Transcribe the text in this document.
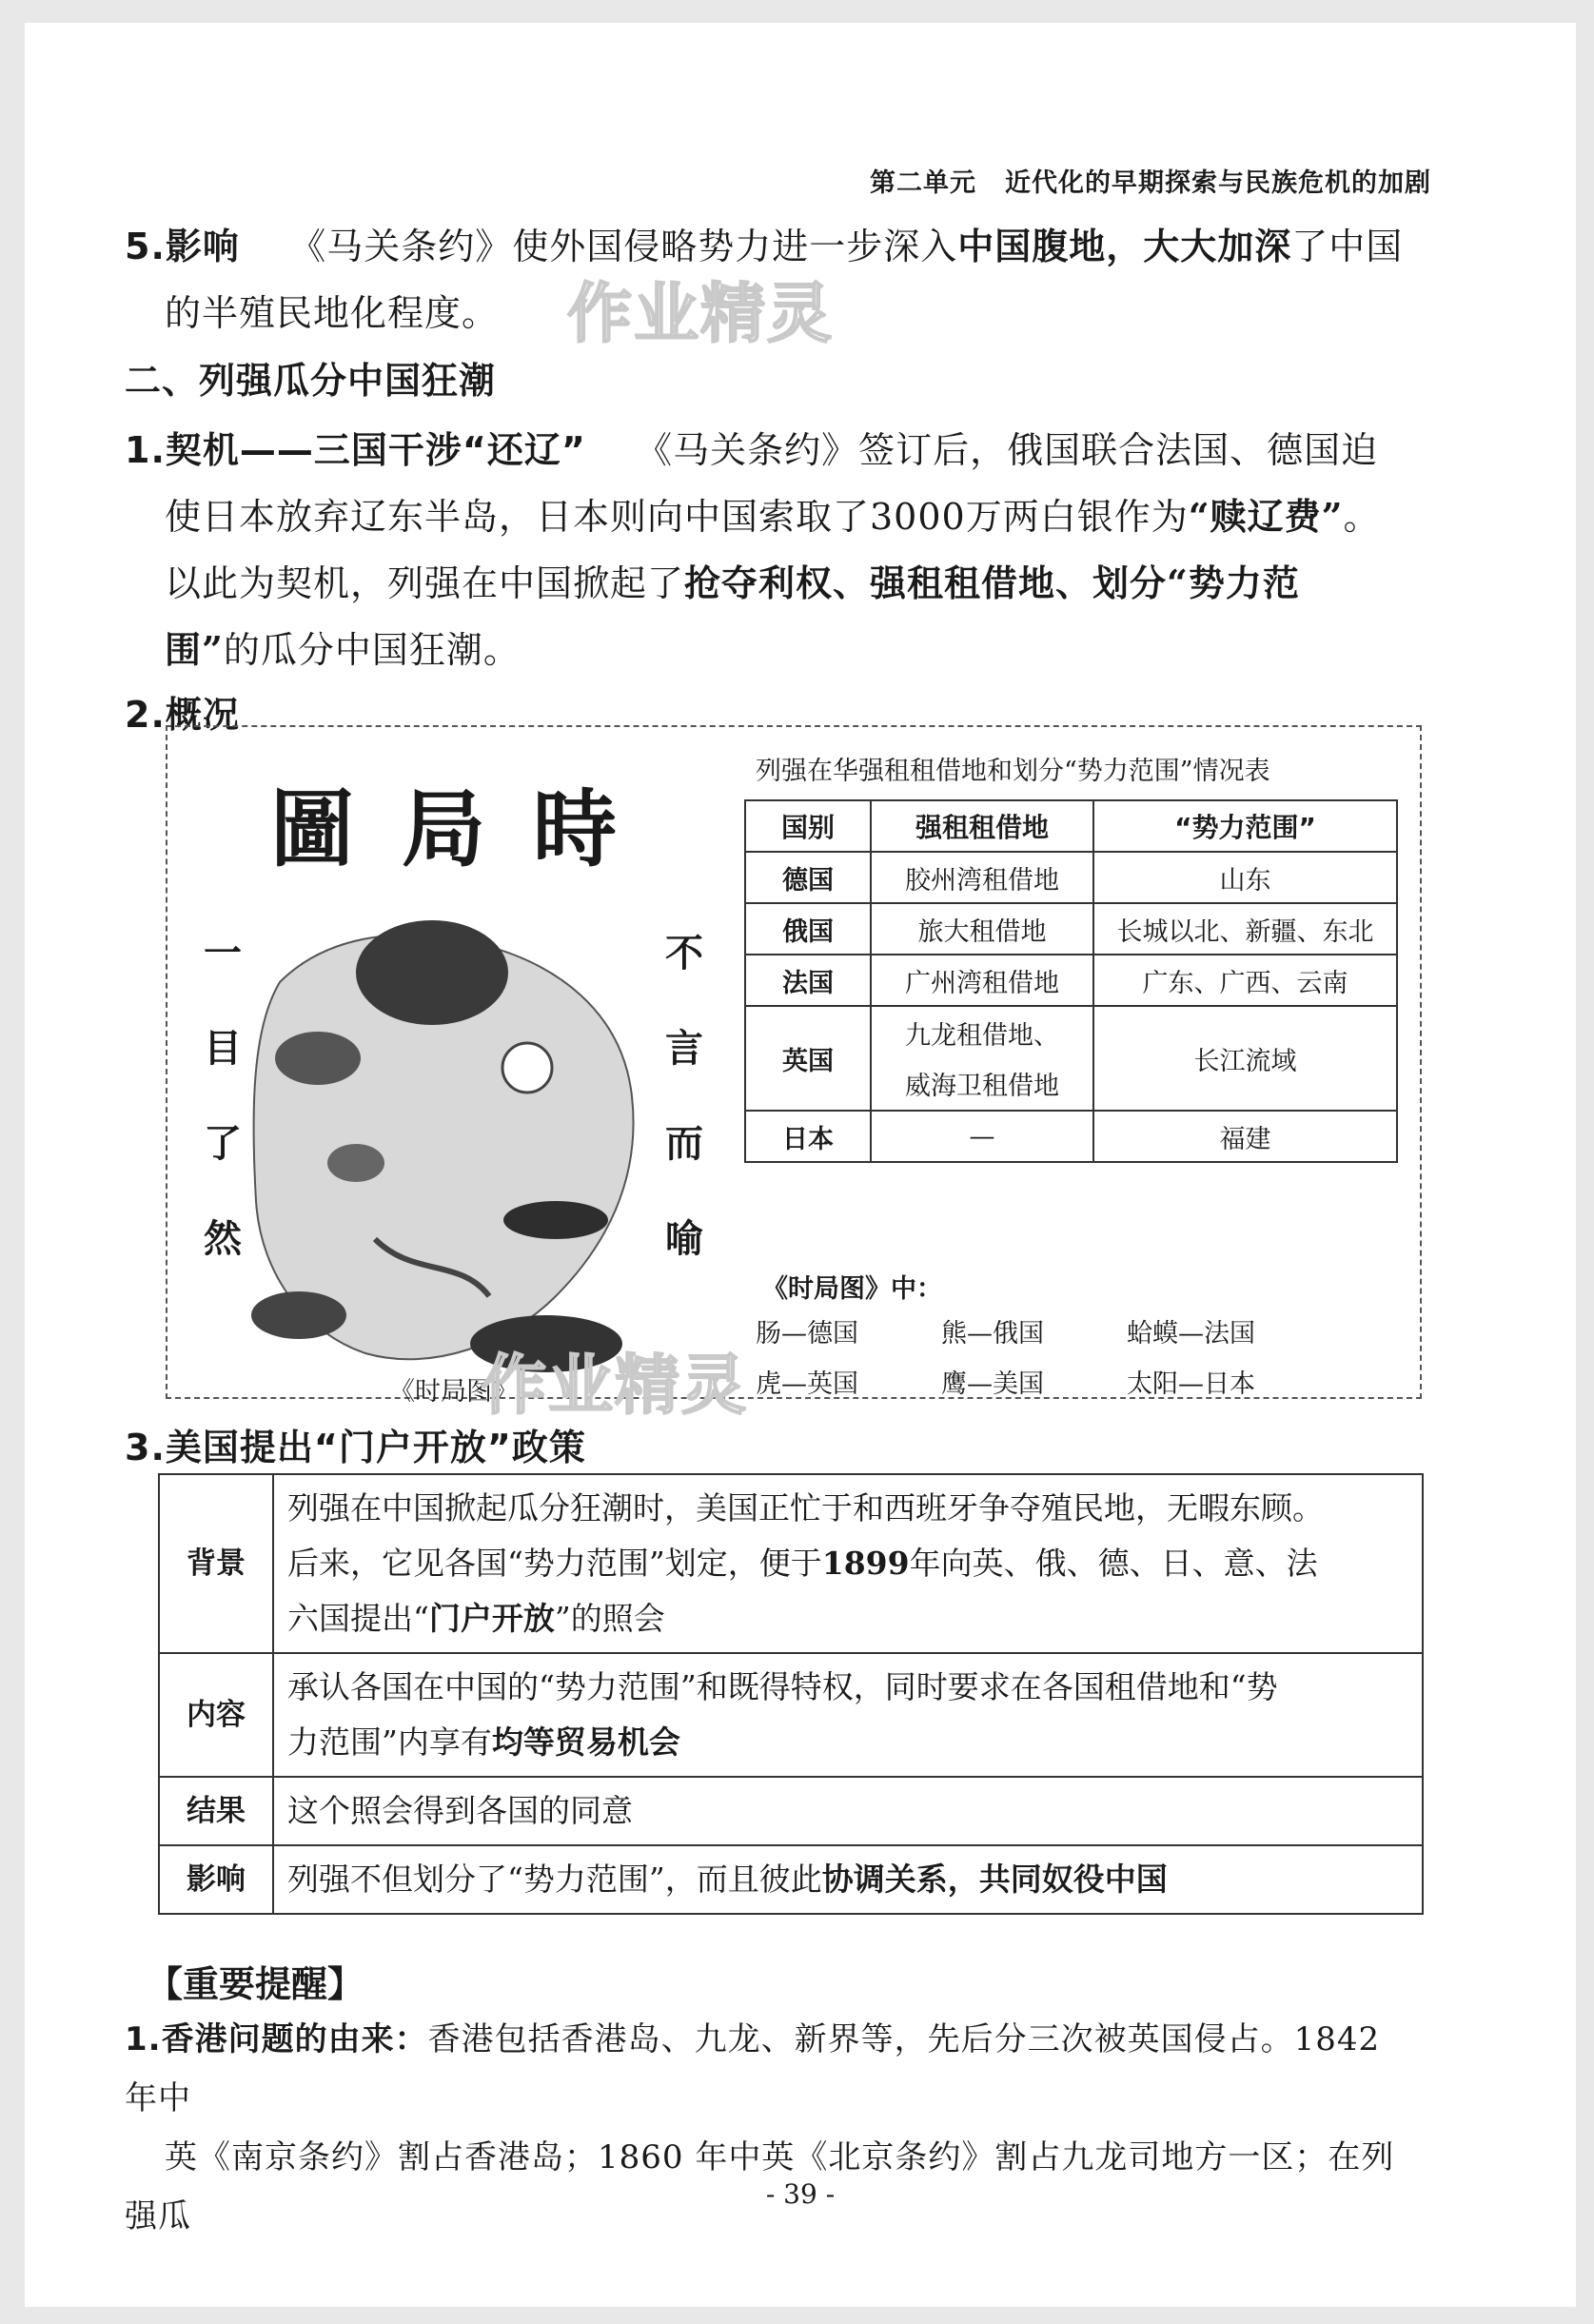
第二单元 近代化的早期探索与民族危机的加剧
5.影响 《马关条约》使外国侵略势力进一步深入中国腹地，大大加深了中国
的半殖民地化程度。	作业精灵
二、列强瓜分中国狂潮
1.契机——三国干涉“还辽” 《马关条约》签订后，俄国联合法国、德国迫
使日本放弃辽东半岛，日本则向中国索取了3000万两白银作为“赎辽费”。
以此为契机，列强在中国掀起了抢夺利权、强租租借地、划分“势力范
围”的瓜分中国狂潮。
2.概况
圖局時
一
目
了
然
不
言
而
喻
《时局图》
列强在华强租租借地和划分“势力范围”情况表
国别	强租租借地	“势力范围”
德国	胶州湾租借地	山东
俄国	旅大租借地	长城以北、新疆、东北
法国	广州湾租借地	广东、广西、云南
英国	九龙租借地、
威海卫租借地	长江流域
日本	—	福建
《时局图》中：
肠—德国	熊—俄国	蛤蟆—法国
虎—英国	鹰—美国	太阳—日本
作业精灵
3.美国提出“门户开放”政策
背景	列强在中国掀起瓜分狂潮时，美国正忙于和西班牙争夺殖民地，无暇东顾。
后来，它见各国“势力范围”划定，便于1899年向英、俄、德、日、意、法
六国提出“门户开放”的照会

内容	承认各国在中国的“势力范围”和既得特权，同时要求在各国租借地和“势
力范围”内享有均等贸易机会

结果	这个照会得到各国的同意
影响	列强不但划分了“势力范围”，而且彼此协调关系，共同奴役中国
【重要提醒】
1.香港问题的由来：香港包括香港岛、九龙、新界等，先后分三次被英国侵占。1842 年中
英《南京条约》割占香港岛；1860 年中英《北京条约》割占九龙司地方一区；在列强瓜
- 39 -
